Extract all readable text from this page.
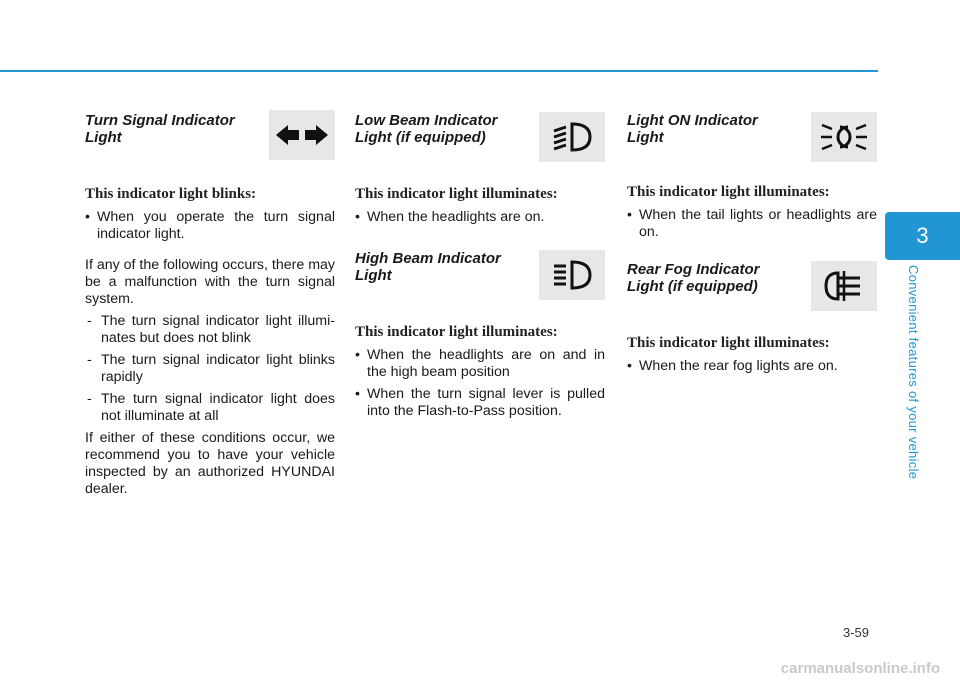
Turn Signal Indicator
Light

This indicator light blinks:

• When you operate the turn signal indicator light.

If any of the following occurs, there may be a malfunction with the turn signal system.

- The turn signal indicator light illumi- nates but does not blink
- The turn signal indicator light blinks rapidly
- The turn signal indicator light does not illuminate at all

If either of these conditions occur, we recommend you to have your vehicle inspected by an authorized HYUNDAI dealer.

Low Beam Indicator
Light (if equipped)

This indicator light illuminates:

• When the headlights are on.

High Beam Indicator
Light

This indicator light illuminates:

• When the headlights are on and in the high beam position
• When the turn signal lever is pulled into the Flash-to-Pass position.

Light ON Indicator
Light

This indicator light illuminates:

• When the tail lights or headlights are on.

Rear Fog Indicator
Light (if equipped)

This indicator light illuminates:

• When the rear fog lights are on.
3
Convenient features of your vehicle
3-59
carmanualsonline.info
